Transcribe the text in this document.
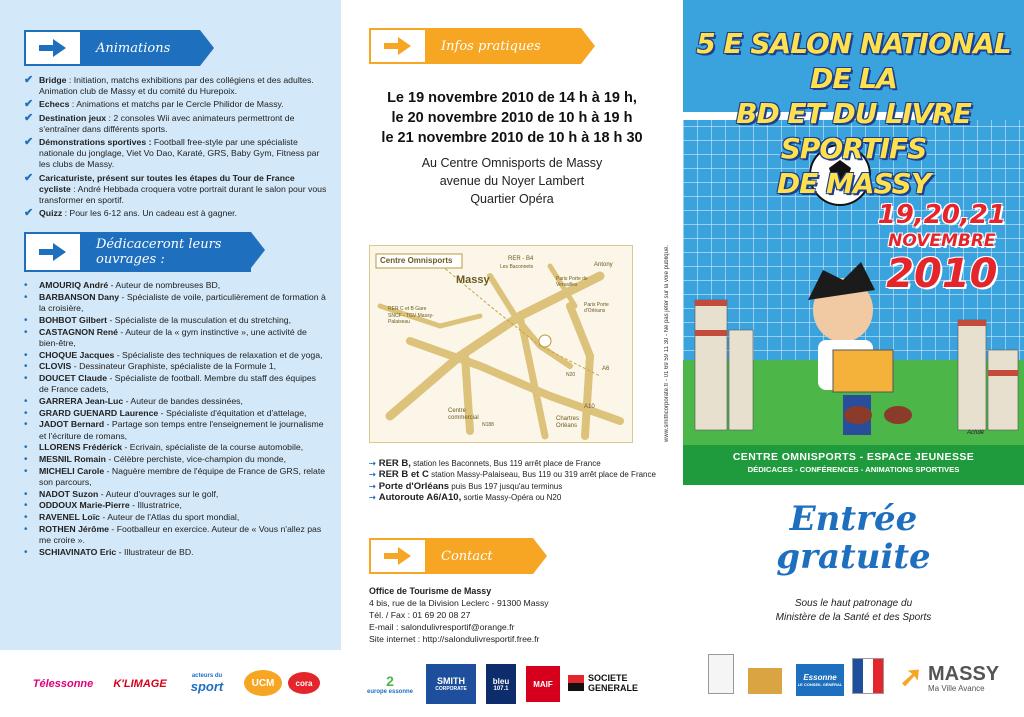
Animations
✔ Bridge : Initiation, matchs exhibitions par des collégiens et des adultes. Animation club de Massy et du comité du Hurepoix.
✔ Echecs : Animations et matchs par le Cercle Philidor de Massy.
✔ Destination jeux : 2 consoles Wii avec animateurs permettront de s'entraîner dans différents sports.
✔ Démonstrations sportives : Football free-style par une spécialiste nationale du jonglage, Viet Vo Dao, Karaté, GRS, Baby Gym, Fitness par les clubs de Massy.
✔ Caricaturiste, présent sur toutes les étapes du Tour de France cycliste : André Hebbada croquera votre portrait durant le salon pour vous transformer en sportif.
✔ Quizz : Pour les 6-12 ans. Un cadeau est à gagner.
Dédicaceront leurs
ouvrages :
•	AMOURIQ André - Auteur de nombreuses BD,
•	BARBANSON Dany - Spécialiste de voile, particulièrement de formation à la croisière,
•	BOHBOT Gilbert - Spécialiste de la musculation et du stretching,
•	CASTAGNON René - Auteur de la « gym instinctive », une activité de bien-être,
•	CHOQUE Jacques - Spécialiste des techniques de relaxation et de yoga,
•	CLOVIS - Dessinateur Graphiste, spécialiste de la Formule 1,
•	DOUCET Claude - Spécialiste de football. Membre du staff des équipes de France cadets,
•	GARRERA Jean-Luc - Auteur de bandes dessinées,
•	GRARD GUENARD Laurence - Spécialiste d'équitation et d'attelage,
•	JADOT Bernard - Partage son temps entre l'enseignement le journalisme et l'écriture de romans,
•	LLORENS Frédérick - Ecrivain, spécialiste de la course automobile,
•	MESNIL Romain - Célèbre perchiste, vice-champion du monde,
•	MICHELI Carole - Naguère membre de l'équipe de France de GRS, relate son parcours,
•	NADOT Suzon - Auteur d'ouvrages sur le golf,
•	ODDOUX Marie-Pierre - Illustratrice,
•	RAVENEL Loïc - Auteur de l'Atlas du sport mondial,
•	ROTHEN Jérôme - Footballeur en exercice. Auteur de « Vous n'allez pas me croire ».
•	SCHIAVINATO Eric - Illustrateur de BD.
Infos pratiques
Le 19 novembre 2010 de 14 h à 19 h,
le 20 novembre 2010 de 10 h à 19 h
le 21 novembre 2010 de 10 h à 18 h 30
Au Centre Omnisports de Massy
avenue du Noyer Lambert
Quartier Opéra
Centre Omnisports
Massy
RER - B4
Les Baconnets	Antony
RER C et B Gare SNCF - TGV Massy-Palaiseau
Centre commercial	Chartres Orléans
N188
N20
A6
A10
Paris Porte d'Orléans
Paris Porte de Versailles	www.smithcorporate.fr - 01 69 59 11 30 - Ne pas jeter sur la voie publique.
⇢ RER B, station les Baconnets, Bus 119 arrêt place de France
⇢ RER B et C station Massy-Palaiseau, Bus 119 ou 319 arrêt place de France
⇢ Porte d'Orléans puis Bus 197 jusqu'au terminus
⇢ Autoroute A6/A10, sortie Massy-Opéra ou N20
Contact
Office de Tourisme de Massy
4 bis, rue de la Division Leclerc - 91300 Massy
Tél. / Fax : 01 69 20 08 27
E-mail : salondulivresportif@orange.fr
Site internet : http://salondulivresportif.free.fr
5 E SALON NATIONAL DE LA
BD ET DU LIVRE SPORTIFS
DE MASSY
19,20,21
NOVEMBRE
2010
Achdé
CENTRE OMNISPORTS - ESPACE JEUNESSE
DÉDICACES - CONFÉRENCES - ANIMATIONS SPORTIVES
Entrée
gratuite
Sous le haut patronage du
Ministère de la Santé et des Sports
Télessonne	K'LIMAGE
acteurs du
sport	UCM	cora	2
europe essonne
SMITH
CORPORATE
bleu
107.1	MAIF
SOCIETE
GENERALE
Essonne
LE CONSEIL GÉNÉRAL ➚ MASSY
Ma Ville Avance
